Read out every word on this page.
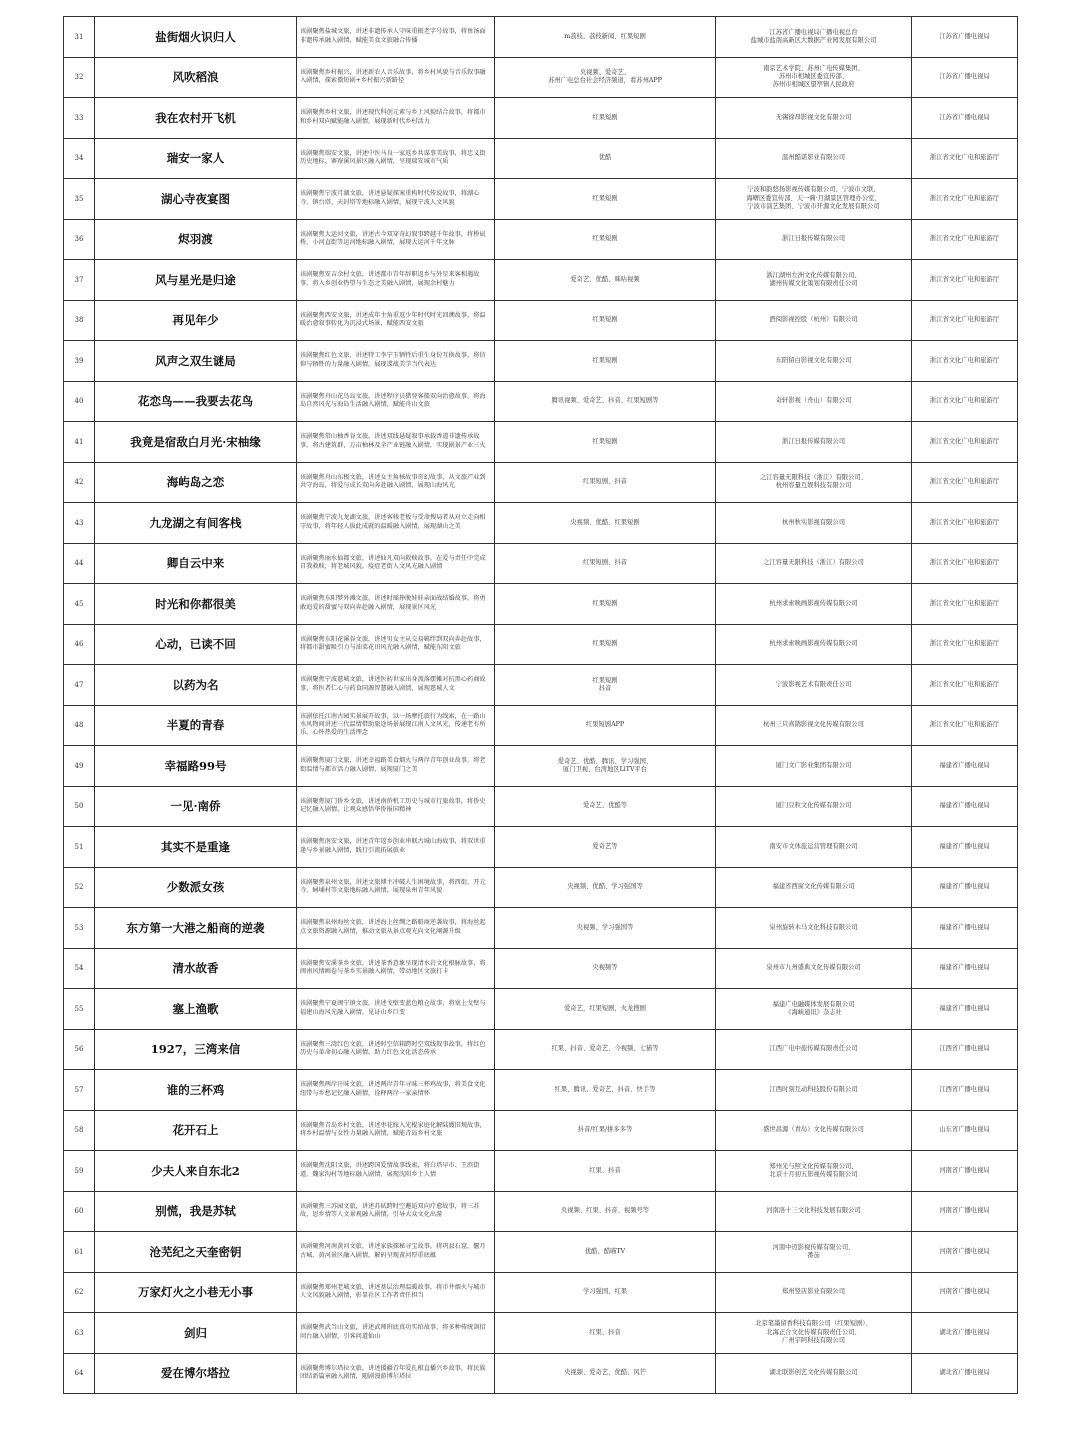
31	盐街烟火识归人	该剧聚焦盐城文旅，讲述非遗传承人守味重振老字号故事，将鱼汤面非遗传承融入剧情，赋能美食文旅融合传播	m荔枝、荔枝新闻、红果短剧	江苏省广播电视局广播电视总台
盐城市盐南高新区大数据产业园发展有限公司	江苏省广播电视局
32	风吹稻浪	该剧聚焦乡村振兴，讲述新农人音乐故事，将乡村风貌与音乐叙事融入剧情，探索微短剧+乡村振兴新路径	央视频、爱奇艺、
苏州广电总台社会经济频道，看苏州APP	南京艺术学院、苏州广电传媒集团、
苏州市相城区委宣传部、
苏州市相城区望亭镇人民政府	江苏省广播电视局
33	我在农村开飞机	该剧聚焦乡村文旅，讲述现代科创元素与乡土风貌结合故事，将都市和乡村双向赋能融入剧情，展现新时代乡村活力	红果短剧	无锡徐昂影视文化有限公司	江苏省广播电视局
34	瑞安一家人	该剧聚焦瑞安文旅，讲述中医马良一家返乡共谋事美故事，将忠义街历史地标、寨寮溪风景区融入剧情，呈现瑞安城市气质	优酷	温州酷诺影业有限公司	浙江省文化广电和旅游厅
35	湖心寺夜宴图	该剧聚焦宁波月湖文旅，讲述悬疑探案重构时代传说故事，将湖心寺、镇台塔、天封塔等地标融入剧情，展现宁波人文风貌	红果短剧	宁波和韵悠扬影视传媒有限公司、宁波市文联、
海曙区委宣传部、天一阁·月湖景区管理办公室、
宁波市演艺集团、宁波市开源文化发展有限公司	浙江省文化广电和旅游厅
36	烬羽渡	该剧聚焦大运河文旅，讲述古今双穿奇幻叙事跨越千年故事，将桥宸桥、小河直街等运河地标融入剧情，展现大运河千年文脉	红果短剧	浙江日报传媒有限公司	浙江省文化广电和旅游厅
37	风与星光是归途	该剧聚焦安吉余村文旅，讲述都市青年辞职返乡与外星来客相遇故事，将入乡创业热望与生态之美融入剧情，展现余村魅力	爱奇艺、优酷、咪咕视频	浙江湖州左洲文化传媒有限公司、
湖州传媒文化策划有限责任公司	浙江省文化广电和旅游厅
38	再见年少	该剧聚焦西安文旅，讲述成年主角重返少年时代时光回溯故事，将温暖治愈叙事转化为沉浸式场景，赋能西安文旅	红果短剧	酒阅影视控股（杭州）有限公司	浙江省文化广电和旅游厅
39	风声之双生谜局	该剧聚焦红色文旅，讲述特工李宁玉牺牲后重生身份互换故事，将信仰与牺牲的力量融入剧情，展现谍战美学当代表达	红果短剧	东阳留白影视文化有限公司	浙江省文化广电和旅游厅
40	花恋鸟——我要去花鸟	该剧聚焦舟山花鸟岛文旅，讲述程序员猎登客船双向治愈故事，将海岛自然风光与海岛生活融入剧情，赋能舟山文旅	腾讯视频、爱奇艺、抖音、红果短剧等	奇轩影视（舟山）有限公司	浙江省文化广电和旅游厅
41	我竟是宿敌白月光·宋柚缘	该剧聚焦常山柚香谷文旅，讲述双线悬疑叙事承载香道非遗传承故事，将古建筑群，万亩柚林及全产业链融入剧情，实现剧景产业三火	红果短剧	浙江日报传媒有限公司	浙江省文化广电和旅游厅
42	海屿岛之恋	该剧聚焦舟山东极文旅，讲述女主角核故事奇幻故事，从文旅产业到共守海岛，将爱与成长双向奔赴融入剧情，展现山海风光	红果短剧、抖音	之江容量无限科技（浙江）有限公司、
杭州容量互娱科技有限公司	浙江省文化广电和旅游厅
43	九龙湖之有间客栈	该剧聚焦宁波九龙湖文旅，讲述客栈老板与受命搜局者从对立走向相守故事，将年轻人拔此成就的温暖融入剧情，展现湖山之美	央视频、优酷、红果短剧	杭州秋实影视有限公司	浙江省文化广电和旅游厅
44	卿自云中来	该剧聚焦丽水仙都文旅，讲述仙凡双向救赎故事，在爱与责任中完成自我救赎，将老城风貌，疫症老街人文风光融入剧情	红果短剧、抖音	之江容量无限科技（浙江）有限公司	浙江省文化广电和旅游厅
45	时光和你都很美	该剧聚焦东阳梦外滩文旅，讲述时瑶挣脱娃娃亲面战结婚故事，将勇敢追爱的甜蜜与双向奔赴融入剧情，展现景区风光	红果短剧	杭州求索映画影视传媒有限公司	浙江省文化广电和旅游厅
46	心动，已读不回	该剧聚焦东阳花溪谷文旅，讲述男女主从交易羁绊到双向奔赴故事，将都市甜蜜吸引力与油菜花田风光融入剧情，赋能东阳文旅	红果短剧	杭州求索映画影视传媒有限公司	浙江省文化广电和旅游厅
47	以药为名	该剧聚焦宁波慈城文旅，讲述医药世家出身流落摆摊对抗黑心药商故事，将医者仁心与药食同源智慧融入剧情，展现慈城人文	红果短剧
抖音	宁波影视艺术有限责任公司	浙江省文化广电和旅游厅
48	半夏的青春	该剧依托江南古园实景展开故事，以一场摩托旅行为线索，在一路山水风物间讲述三代温情借助旅途场景展现江南人文风光，传递老有所乐，心怀热爱的生活理念	红果短剧APP	杭州三只喜鹊影视文化传媒有限公司	浙江省文化广电和旅游厅
49	幸福路99号	该剧聚焦厦门文旅，讲述幸福路美食烟火与两岸青年创业故事，将老街温情与都市活力融入剧情，展现厦门之美	爱奇艺、优酷、腾讯、学习强国、
厦门卫视、台湾地区LiTV平台	厦门文广影业集团有限公司	福建省广播电视局
50	一见·南侨	该剧聚焦厦门侨乡文旅，讲述南侨机工历史与城市行旅故事，将侨史记忆融入剧情，让观众感悟华侨报国精神	爱奇艺、优酷等	厦门豆粒文化传媒有限公司	福建省广播电视局
51	其实不是重逢	该剧聚焦南安文旅，讲述青年返乡创业串联古城山海故事，将双世重逢与乡景融入剧情，践行引流拓展旅业	爱奇艺等	南安市文体旅运营管理有限公司	福建省广播电视局
52	少数派女孩	该剧聚焦泉州文旅，讲述文旅博主冲破人生困境故事，将西街、开元寺、蟳埔村等文旅地标融入剧情，展现泉州青年风貌	央视频、优酷、学习强国等	福建省西窗文化传媒有限公司	福建省广播电视局
53	东方第一大港之船商的逆袭	该剧聚焦泉州海丝文旅，讲述海上丝绸之路船商逆袭故事，将海丝起点文旅资源融入剧情，推动文旅从景点观光向文化阐源升级	央视频、学习强国等	泉州旋转木马文化科技有限公司	福建省广播电视局
54	清水故香	该剧聚焦安溪茶乡文旅，讲述茶香意象呈现清水岩文化根脉故事，将闽南风情画卷与茶乡实景融入剧情，带动地区文旅打卡	央视频等	泉州市九州盛典文化传媒有限公司	福建省广播电视局
55	塞上渔歌	该剧聚焦宁夏闽宁镇文旅，讲述戈壁变蓝色粮仓故事，将塞上戈壁与福建山海风光融入剧情，见证山乡巨变	爱奇艺，红果短剧，火龙搜剧	福建广电融媒体发展有限公司
《海峡通讯》杂志社	福建省广播电视局
56	1927，三湾来信	该剧聚焦三湾红色文旅，讲述时空信箱跨时空双线叙事故事，将红色历史与革命初心融入剧情，助力红色文化活态传承	红果、抖音、爱奇艺、今视频、七猫等	江西广电中旅传媒有限责任公司	江西省广播电视局
57	谁的三杯鸡	该剧聚焦两岸汗味文旅，讲述两岸青年寻味三杯鸡故事，将美食文化纽带与乡愁记忆融入剧情，诠释两岸一家亲情怀	红果、腾讯、爱奇艺、抖音、快手等	江西时刻互动科技股份有限公司	江西省广播电视局
58	花开石上	该剧聚焦青岛乡村文旅，讲述枣花嫁入光棍家庭化解陆嫂旧规故事，将乡村温情与女性力量融入剧情，赋能青岛乡村文旅	抖音/红果/拼多多等	盛世昌源（青岛）文化传媒有限公司	山东省广播电视局
59	少夫人来自东北2	该剧聚焦沈阳文旅，讲述跨国爱情故事线索，将白塔早市、王滨街道、魏家沟村等地标融入剧情，展现沈阳乡土人情	红果、抖音	郑州光与照文化传媒有限公司、
北京十月初五影视传媒有限公司	河南省广播电视局
60	别慌，我是苏轼	该剧聚焦三苏园文旅，讲述苏轼跨时空邂逅双向疗愈故事，将三苏故、思乡情等人文景观融入剧情，引导大众文化出游	央视频、红果、抖音、视频号等	河南洛十三文化科技发展有限公司	河南省广播电视局
61	沧芜纪之天奎密钥	该剧聚焦河南黄河文旅，讲述家族探秘寻宝故事，将巩县石窟、偃月古城、黄河景区融入剧情，解码呈现黄河厚重底蕴	优酷、酷喵TV	河南中迈影视传媒有限公司、
番茄	河南省广播电视局
62	万家灯火之小巷无小事	该剧聚焦郑州老城文旅，讲述基层治理温暖故事，将市井烟火与城市人文风貌融入剧情，彰显社区工作者责任担当	学习强国、红果	郑州竖店影业有限公司	河南省广播电视局
63	剑归	该剧聚焦武当山文旅，讲述武师班底真功实拍故事，将多种传统剑招问台融入剧情，引客问道仙山	红果、抖音	北京笔墨留香科技有限公司（红果短剧）、
北海正合文化传媒有限责任公司、
广州宇阿科技有限公司	湖北省广播电视局
64	爱在博尔塔拉	该剧聚焦博尔塔拉文旅，讲述援疆青年爱扎根直播兴乡故事，将民族团结新篇章融入剧情，随剧漫游博尔塔拉	央视频、爱奇艺、优酷、风芒	湖北联影创艺文化传媒有限公司	湖北省广播电视局
